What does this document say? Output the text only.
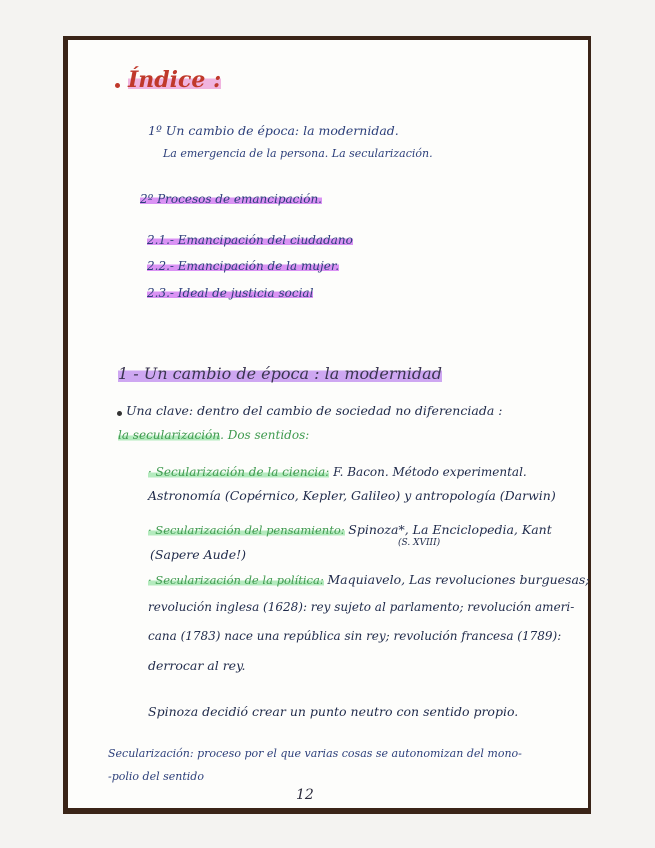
Índice :
1º Un cambio de época: la modernidad.
La emergencia de la persona. La secularización.
2º Procesos de emancipación.
2.1.- Emancipación del ciudadano
2.2.- Emancipación de la mujer.
2.3.- Ideal de justicia social
1 - Un cambio de época : la modernidad
Una clave: dentro del cambio de sociedad no diferenciada :
la secularización. Dos sentidos:
· Secularización de la ciencia: F. Bacon. Método experimental.
Astronomía (Copérnico, Kepler, Galileo) y antropología (Darwin)
· Secularización del pensamiento: Spinoza*, La Enciclopedia, Kant
(S. XVIII)
(Sapere Aude!)
· Secularización de la política: Maquiavelo, Las revoluciones burguesas;
revolución inglesa (1628): rey sujeto al parlamento; revolución ameri-
cana (1783) nace una república sin rey; revolución francesa (1789):
derrocar al rey.
Spinoza decidió crear un punto neutro con sentido propio.
Secularización: proceso por el que varias cosas se autonomizan del mono-
-polio del sentido
12
